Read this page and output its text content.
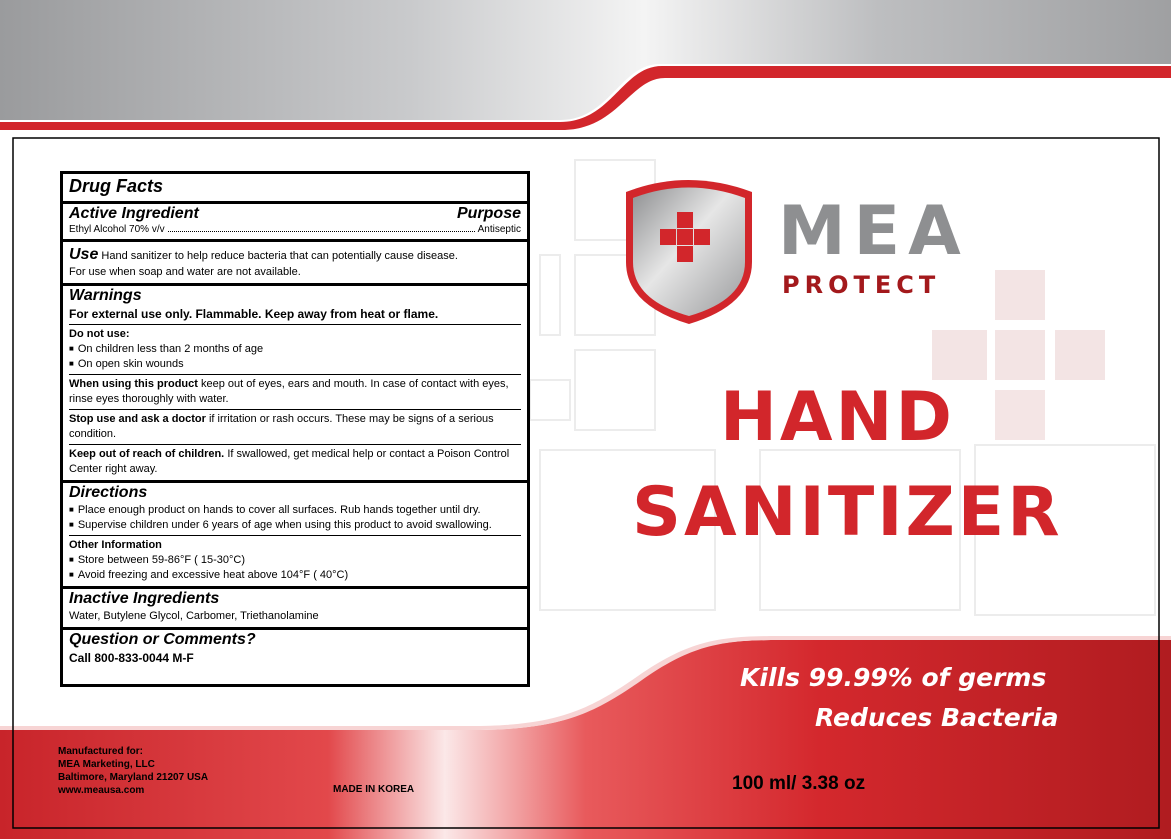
MEA
PROTECT
HAND
SANITIZER
Kills 99.99% of germs
Reduces Bacteria
Manufactured for:
MEA Marketing, LLC
Baltimore, Maryland 21207 USA
www.meausa.com	MADE IN KOREA	100 ml/ 3.38 oz
Drug Facts
Active Ingredient	Purpose
Ethyl Alcohol 70% v/v	Antiseptic
Use Hand sanitizer to help reduce bacteria that can potentially cause disease.
For use when soap and water are not available.
Warnings
For external use only. Flammable. Keep away from heat or flame.
Do not use:
■ On children less than 2 months of age
■ On open skin wounds
When using this product keep out of eyes, ears and mouth. In case of contact with eyes, rinse eyes thoroughly with water.
Stop use and ask a doctor if irritation or rash occurs. These may be signs of a serious condition.
Keep out of reach of children. If swallowed, get medical help or contact a Poison Control Center right away.
Directions
■ Place enough product on hands to cover all surfaces. Rub hands together until dry.
■ Supervise children under 6 years of age when using this product to avoid swallowing.
Other Information
■ Store between 59-86°F ( 15-30°C)
■ Avoid freezing and excessive heat above 104°F ( 40°C)
Inactive Ingredients
Water, Butylene Glycol, Carbomer, Triethanolamine
Question or Comments?
Call 800-833-0044 M-F
